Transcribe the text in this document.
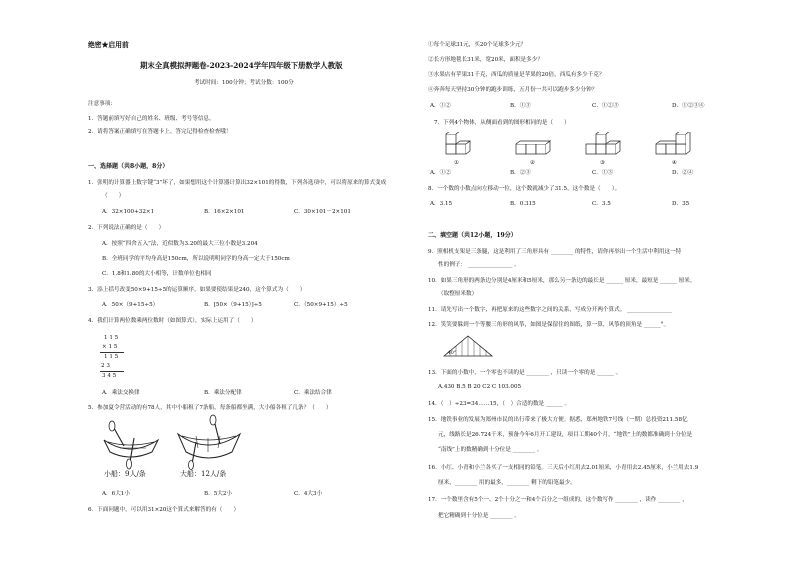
绝密★启用前
期末全真模拟押题卷-2023-2024学年四年级下册数学人教版
考试时间：100分钟；考试分数：100分
注意事项：
1．答题前填写好自己的姓名、班级、考号等信息。
2．请将答案正确填写在答题卡上。答完记得检查检查哦！
一、选择题（共8小题，8分）
1．张明的计算器上数字键“3”坏了，如果想用这个计算器计算出32×101的得数，下列各选项中，可以将原来的算式变成
（　　）
A．32×100+32×1	B．16×2×101	C．30×101－2×101
2．下列说法正确的是（　　）
A．按照“四舍五入”法，近似数为3.20的最大三位小数是3.204
B．全班同学的平均身高是150cm，所以说明明同学的身高一定大于150cm
C．1.8和1.80的大小相等，计数单位也相同
3．添上括号改变50×9+15÷5的运算顺序，如果要使结果是240，这个算式为（　　）
A．50×（9+15÷5）	B．[50×（9+15）]÷5	C．（50×9+15）÷5
4．我们计算两位数乘两位数时（如图算式），实际上运用了（　　）
1 1 5
× 1 5
1 1 5
2 3
3 4 5
A．乘法交换律	B．乘法分配律	C．乘法结合律
5．参加夏令营活动的有78人，其中小船租了7条船，每条船都坐满，大小船各租了几条？（　　）
小船：9人/条	大船：12人/条
A．6大1小	B．5大2小	C．4大3小
6．下面问题中，可以用31×20这个算式来解答的有（　　）
①每个足球31元，买20个足球多少元？
②长方形地毯长31米，宽20米，面积是多少？
③水果店有苹果31千克，西瓜的质量是苹果的20倍，西瓜有多少千克？
④奔奔每天坚持30分钟的跑步训练，五月份一共可以跑步多少分钟？
A．①②	B．①③	C．①②③	D．①②③④
7．下列4个物体，从侧面看到的图形相同的是（　　）
①	②	③	④
A．①②	B．②③	C．①③	D．②④
8．一个数的小数点向左移动一位，这个数就减少了31.5，这个数是（　　）。
A．3.15	B．0.315	C．3.5	D．35
二、填空题（共12小题，19分）
9．照相机支架是三条腿，这是利用了三角形具有 ________ 的特性，请你再举出一个生活中利用这一特
性的例子： ________________ 。
10．如果三角形的两条边分别是4厘米和5厘米，那么另一条边的最长是 ______ 厘米，最短是 ______ 厘米。
（取整厘米数）
11．请先写出一个数字，再把原来的这些数字之间的关系，写成分开两个算式。 ________________
12．笑笑要躲到一个等腰三角形的风筝，如图是保留住的图纸，算一算，风筝的顶角是 ______°。
40°
13．下面的小数中，一个零也不读的是 ________ ，只读一个零的是 ______ 。
A.430 B.5 B 20 C2 C 103.005
14．（　）÷23=34……15，（　）合适的数是 ______ 。
15．地铁事业的发展为郑州市民的出行带来了极大方便。据悉，郑州地铁7号线（一期）总投资211.58亿
元，线路长是26.724千米，预备今年6月开工建设，项目工期40个月，“地铁”上的数都准确到十分位是
“南线”上的数精确到十分位是 ________ 。
16．小红、小青和小兰各买了一支相同的铅笔。三天后小红用去2.01厘米，小青用去2.45厘米，小兰用去1.9
厘米，________ 用的最多，________ 剩下的铅笔最少。
17．一个数里含有5个一、2个十分之一和4个百分之一组成的，这个数写作 ________ ，读作 ________ ，
把它精确到十分位是 ________ 。
